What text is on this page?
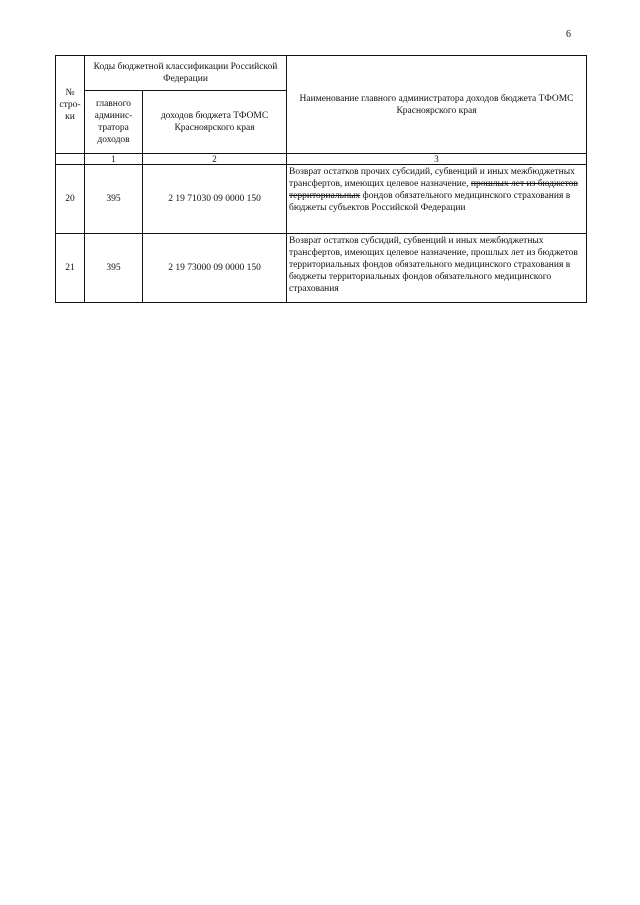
6
№ стро-ки	Коды бюджетной классификации Российской Федерации		Наименование главного администратора доходов бюджета ТФОМС Красноярского края
	главного админис-тратора доходов	доходов бюджета ТФОМС Красноярского края	
	1	2	3
20	395	2 19 71030 09 0000 150	Возврат остатков прочих субсидий, субвенций и иных межбюджетных трансфертов, имеющих целевое назначение, прошлых лет из бюджетов территориальных фондов обязательного медицинского страхования в бюджеты субъектов Российской Федерации
21	395	2 19 73000 09 0000 150	Возврат остатков субсидий, субвенций и иных межбюджетных трансфертов, имеющих целевое назначение, прошлых лет из бюджетов территориальных фондов обязательного медицинского страхования в бюджеты территориальных фондов обязательного медицинского страхования
